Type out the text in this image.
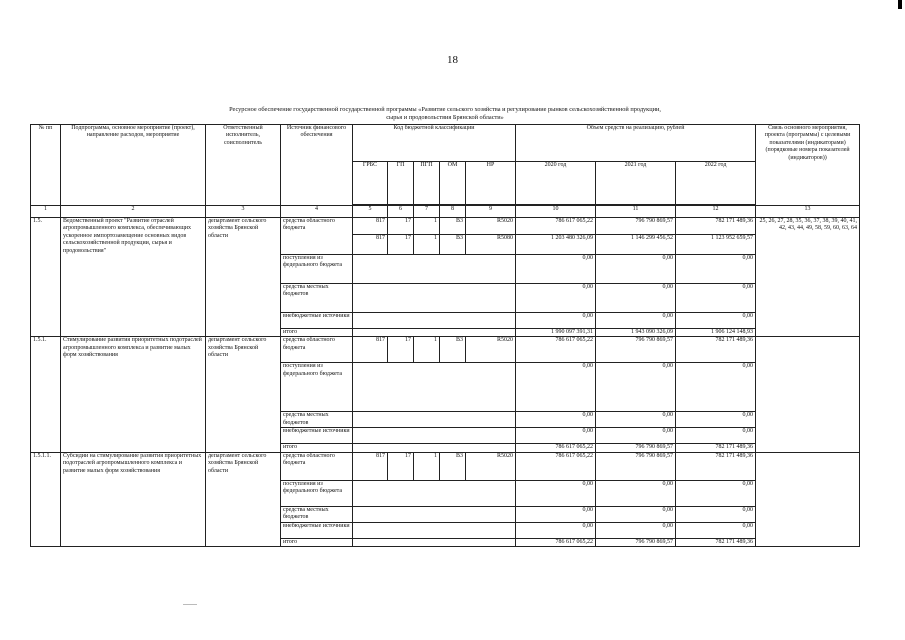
18
Ресурсное обеспечение государственной государственной программы «Развитие сельского хозяйства и регулирование рынков сельскохозяйственной продукции,
сырья и продовольствия Брянской области»
№ пп	Подпрограмма, основное мероприятие (проект), направление расходов, мероприятие	Ответственный исполнитель, соисполнитель	Источник финансового обеспечения	Код бюджетной классификации					Объем средств на реализацию, рублей			Связь основного мероприятия, проекта (программы) с целевыми показателями (индикаторами) (порядковые номера показателей (индикаторов))
				ГРБС	ГП	ПГП	ОМ	НР	2020 год	2021 год	2022 год	

1	2	3	4	5	6	7	8	9	10	11	12	13
1.5.	Ведомственный проект "Развитие отраслей агропромышленного комплекса, обеспечивающих ускоренное импортозамещение основных видов сельскохозяйственной продукции, сырья и продовольствия"	департамент сельского хозяйства Брянской области	средства областного бюджета	817	17	1	В3	R5020	786 617 065,22	796 790 869,57	782 171 489,36	25, 26, 27, 28, 35, 36, 37, 38, 39, 40, 41, 42, 43, 44, 49, 58, 59, 60, 63, 64
				817	17	1	В3	R5080	1 203 480 326,09	1 146 299 456,52	1 123 952 659,57	
			поступления из федерального бюджета						0,00	0,00	0,00	
			средства местных бюджетов						0,00	0,00	0,00	
			внебюджетные источники						0,00	0,00	0,00	
			итого						1 990 097 391,31	1 943 090 326,09	1 906 124 148,93	
1.5.1.	Стимулирование развития приоритетных подотраслей агропромышленного комплекса и развитие малых форм хозяйствования	департамент сельского хозяйства Брянской области	средства областного бюджета	817	17	1	В3	R5020	786 617 065,22	796 790 869,57	782 171 489,36	
			поступления из федерального бюджета						0,00	0,00	0,00	
			средства местных бюджетов						0,00	0,00	0,00	
			внебюджетные источники						0,00	0,00	0,00	
			итого						786 617 065,22	796 790 869,57	782 171 489,36	
1.5.1.1.	Субсидии на стимулирование развития приоритетных подотраслей агропромышленного комплекса и развитие малых форм хозяйствования	департамент сельского хозяйства Брянской области	средства областного бюджета	817	17	1	В3	R5020	786 617 065,22	796 790 869,57	782 171 489,36	
			поступления из федерального бюджета						0,00	0,00	0,00	
			средства местных бюджетов						0,00	0,00	0,00	
			внебюджетные источники						0,00	0,00	0,00	
			итого						786 617 065,22	796 790 869,57	782 171 489,36	
